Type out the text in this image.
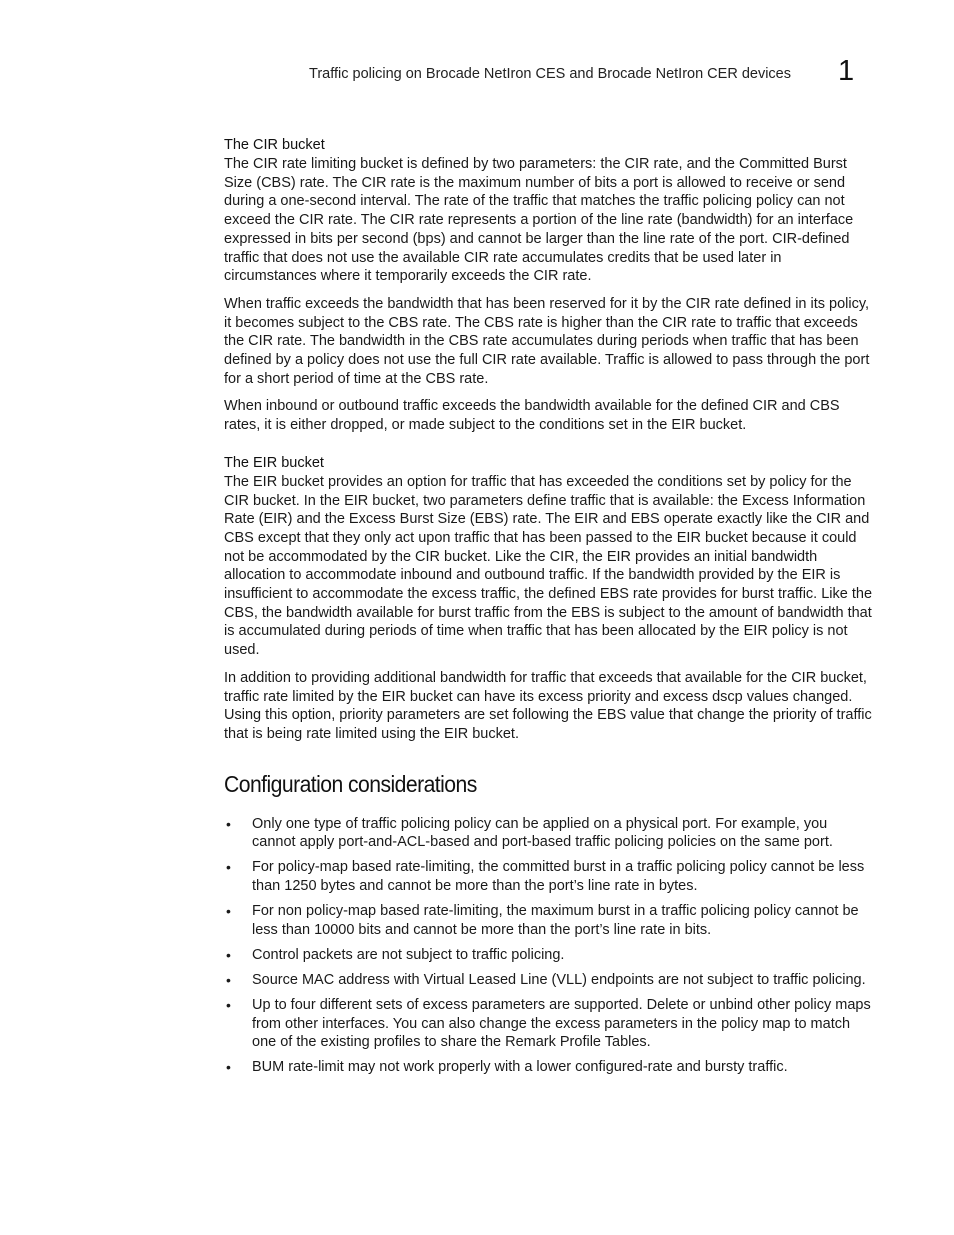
Traffic policing on Brocade NetIron CES and Brocade NetIron CER devices 1
The CIR bucket

The CIR rate limiting bucket is defined by two parameters: the CIR rate, and the Committed Burst Size (CBS) rate. The CIR rate is the maximum number of bits a port is allowed to receive or send during a one-second interval. The rate of the traffic that matches the traffic policing policy can not exceed the CIR rate. The CIR rate represents a portion of the line rate (bandwidth) for an interface expressed in bits per second (bps) and cannot be larger than the line rate of the port. CIR-defined traffic that does not use the available CIR rate accumulates credits that be used later in circumstances where it temporarily exceeds the CIR rate.

When traffic exceeds the bandwidth that has been reserved for it by the CIR rate defined in its policy, it becomes subject to the CBS rate. The CBS rate is higher than the CIR rate to traffic that exceeds the CIR rate. The bandwidth in the CBS rate accumulates during periods when traffic that has been defined by a policy does not use the full CIR rate available. Traffic is allowed to pass through the port for a short period of time at the CBS rate.

When inbound or outbound traffic exceeds the bandwidth available for the defined CIR and CBS rates, it is either dropped, or made subject to the conditions set in the EIR bucket.

The EIR bucket

The EIR bucket provides an option for traffic that has exceeded the conditions set by policy for the CIR bucket. In the EIR bucket, two parameters define traffic that is available: the Excess Information Rate (EIR) and the Excess Burst Size (EBS) rate. The EIR and EBS operate exactly like the CIR and CBS except that they only act upon traffic that has been passed to the EIR bucket because it could not be accommodated by the CIR bucket. Like the CIR, the EIR provides an initial bandwidth allocation to accommodate inbound and outbound traffic. If the bandwidth provided by the EIR is insufficient to accommodate the excess traffic, the defined EBS rate provides for burst traffic. Like the CBS, the bandwidth available for burst traffic from the EBS is subject to the amount of bandwidth that is accumulated during periods of time when traffic that has been allocated by the EIR policy is not used.

In addition to providing additional bandwidth for traffic that exceeds that available for the CIR bucket, traffic rate limited by the EIR bucket can have its excess priority and excess dscp values changed. Using this option, priority parameters are set following the EBS value that change the priority of traffic that is being rate limited using the EIR bucket.

Configuration considerations
• Only one type of traffic policing policy can be applied on a physical port. For example, you cannot apply port-and-ACL-based and port-based traffic policing policies on the same port.
• For policy-map based rate-limiting, the committed burst in a traffic policing policy cannot be less than 1250 bytes and cannot be more than the port’s line rate in bytes.
• For non policy-map based rate-limiting, the maximum burst in a traffic policing policy cannot be less than 10000 bits and cannot be more than the port’s line rate in bits.
• Control packets are not subject to traffic policing.
• Source MAC address with Virtual Leased Line (VLL) endpoints are not subject to traffic policing.
• Up to four different sets of excess parameters are supported. Delete or unbind other policy maps from other interfaces. You can also change the excess parameters in the policy map to match one of the existing profiles to share the Remark Profile Tables.
• BUM rate-limit may not work properly with a lower configured-rate and bursty traffic.
